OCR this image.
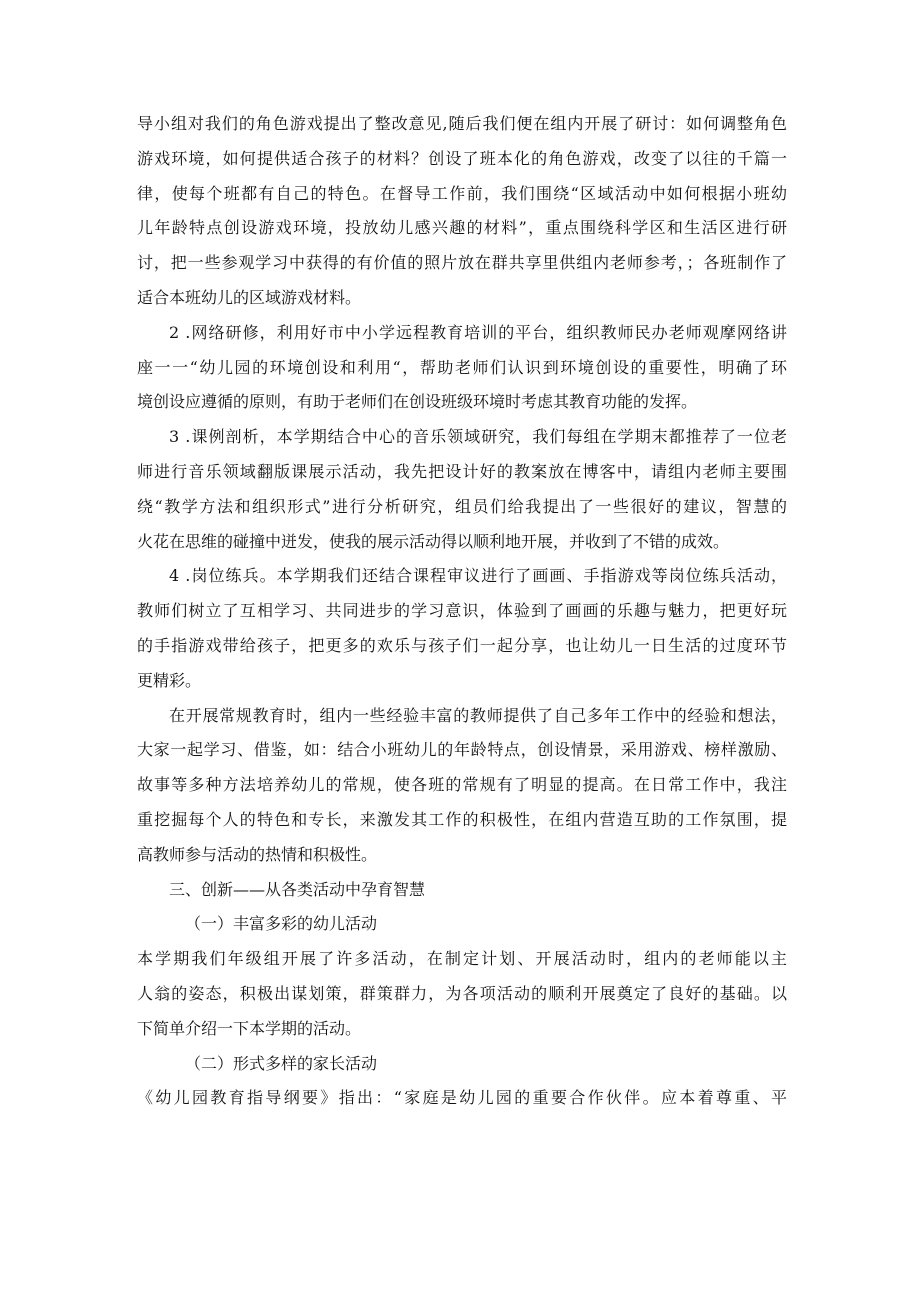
导小组对我们的角色游戏提出了整改意见,随后我们便在组内开展了研讨：如何调整角色
游戏环境，如何提供适合孩子的材料？创设了班本化的角色游戏，改变了以往的千篇一
律，使每个班都有自己的特色。在督导工作前，我们围绕“区域活动中如何根据小班幼
儿年龄特点创设游戏环境，投放幼儿感兴趣的材料”，重点围绕科学区和生活区进行研
讨，把一些参观学习中获得的有价值的照片放在群共享里供组内老师参考，；各班制作了
适合本班幼儿的区域游戏材料。
2 .网络研修，利用好市中小学远程教育培训的平台，组织教师民办老师观摩网络讲
座一一“幼儿园的环境创设和利用“，帮助老师们认识到环境创设的重要性，明确了环
境创设应遵循的原则，有助于老师们在创设班级环境时考虑其教育功能的发挥。
3 .课例剖析，本学期结合中心的音乐领域研究，我们每组在学期末都推荐了一位老
师进行音乐领域翻版课展示活动，我先把设计好的教案放在博客中，请组内老师主要围
绕“教学方法和组织形式”进行分析研究，组员们给我提出了一些很好的建议，智慧的
火花在思维的碰撞中迸发，使我的展示活动得以顺利地开展，并收到了不错的成效。
4 .岗位练兵。本学期我们还结合课程审议进行了画画、手指游戏等岗位练兵活动，
教师们树立了互相学习、共同进步的学习意识，体验到了画画的乐趣与魅力，把更好玩
的手指游戏带给孩子，把更多的欢乐与孩子们一起分享，也让幼儿一日生活的过度环节
更精彩。
在开展常规教育时，组内一些经验丰富的教师提供了自己多年工作中的经验和想法，
大家一起学习、借鉴，如：结合小班幼儿的年龄特点，创设情景，采用游戏、榜样激励、
故事等多种方法培养幼儿的常规，使各班的常规有了明显的提高。在日常工作中，我注
重挖掘每个人的特色和专长，来激发其工作的积极性，在组内营造互助的工作氛围，提
高教师参与活动的热情和积极性。
三、创新——从各类活动中孕育智慧
（一）丰富多彩的幼儿活动
本学期我们年级组开展了许多活动，在制定计划、开展活动时，组内的老师能以主
人翁的姿态，积极出谋划策，群策群力，为各项活动的顺利开展奠定了良好的基础。以
下简单介绍一下本学期的活动。
（二）形式多样的家长活动
《幼儿园教育指导纲要》指出：“家庭是幼儿园的重要合作伙伴。应本着尊重、平
